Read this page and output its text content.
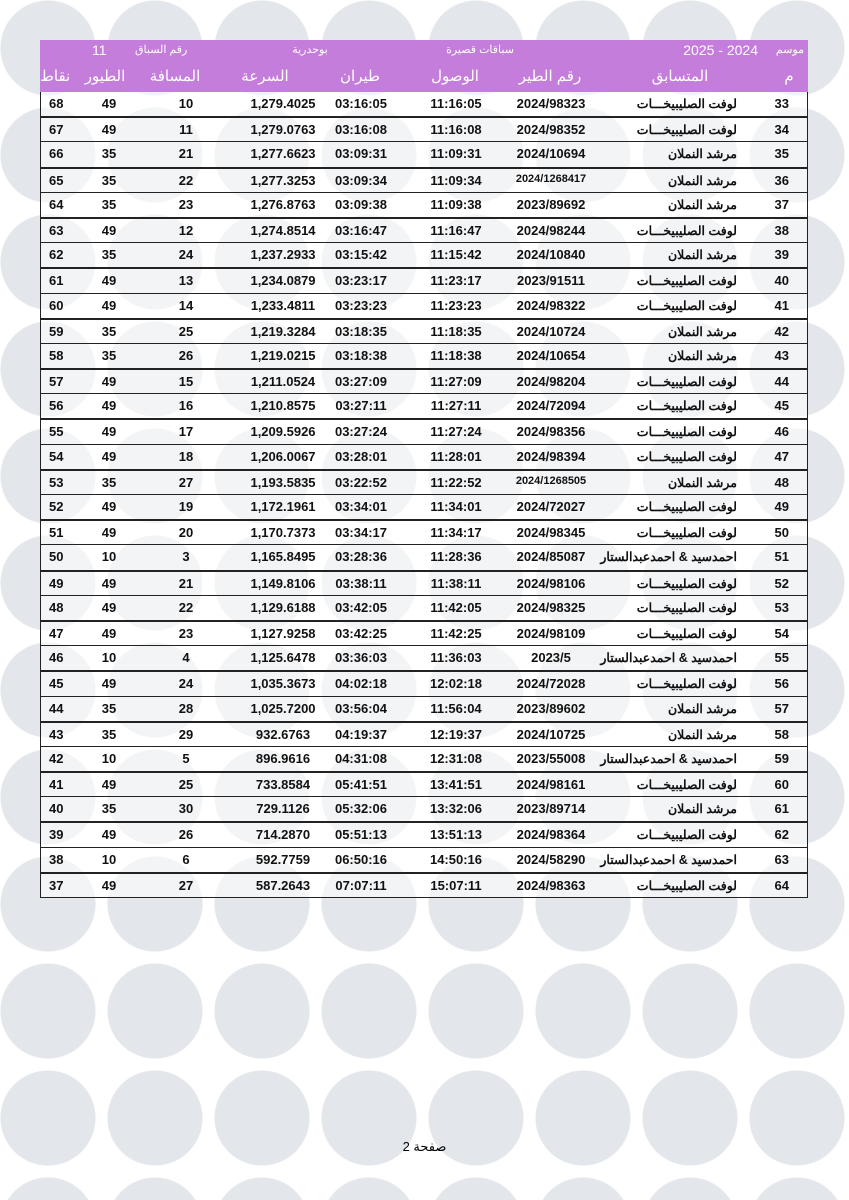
موسم
2025 - 2024
سباقات قصيرة
بوحدرية
رقم السباق
11
م
المتسابق
رقم الطير
الوصول
طيران
السرعة
المسافة
الطيور
نقاط
33
لوفت الصليبيخـــات
2024/98323
11:16:05
03:16:05
1,279.4025
10
49
68
34
لوفت الصليبيخـــات
2024/98352
11:16:08
03:16:08
1,279.0763
11
49
67
35
مرشد النملان
2024/10694
11:09:31
03:09:31
1,277.6623
21
35
66
36
مرشد النملان
2024/1268417
11:09:34
03:09:34
1,277.3253
22
35
65
37
مرشد النملان
2023/89692
11:09:38
03:09:38
1,276.8763
23
35
64
38
لوفت الصليبيخـــات
2024/98244
11:16:47
03:16:47
1,274.8514
12
49
63
39
مرشد النملان
2024/10840
11:15:42
03:15:42
1,237.2933
24
35
62
40
لوفت الصليبيخـــات
2023/91511
11:23:17
03:23:17
1,234.0879
13
49
61
41
لوفت الصليبيخـــات
2024/98322
11:23:23
03:23:23
1,233.4811
14
49
60
42
مرشد النملان
2024/10724
11:18:35
03:18:35
1,219.3284
25
35
59
43
مرشد النملان
2024/10654
11:18:38
03:18:38
1,219.0215
26
35
58
44
لوفت الصليبيخـــات
2024/98204
11:27:09
03:27:09
1,211.0524
15
49
57
45
لوفت الصليبيخـــات
2024/72094
11:27:11
03:27:11
1,210.8575
16
49
56
46
لوفت الصليبيخـــات
2024/98356
11:27:24
03:27:24
1,209.5926
17
49
55
47
لوفت الصليبيخـــات
2024/98394
11:28:01
03:28:01
1,206.0067
18
49
54
48
مرشد النملان
2024/1268505
11:22:52
03:22:52
1,193.5835
27
35
53
49
لوفت الصليبيخـــات
2024/72027
11:34:01
03:34:01
1,172.1961
19
49
52
50
لوفت الصليبيخـــات
2024/98345
11:34:17
03:34:17
1,170.7373
20
49
51
51
احمدسيد & احمدعبدالستار
2024/85087
11:28:36
03:28:36
1,165.8495
3
10
50
52
لوفت الصليبيخـــات
2024/98106
11:38:11
03:38:11
1,149.8106
21
49
49
53
لوفت الصليبيخـــات
2024/98325
11:42:05
03:42:05
1,129.6188
22
49
48
54
لوفت الصليبيخـــات
2024/98109
11:42:25
03:42:25
1,127.9258
23
49
47
55
احمدسيد & احمدعبدالستار
2023/5
11:36:03
03:36:03
1,125.6478
4
10
46
56
لوفت الصليبيخـــات
2024/72028
12:02:18
04:02:18
1,035.3673
24
49
45
57
مرشد النملان
2023/89602
11:56:04
03:56:04
1,025.7200
28
35
44
58
مرشد النملان
2024/10725
12:19:37
04:19:37
932.6763
29
35
43
59
احمدسيد & احمدعبدالستار
2023/55008
12:31:08
04:31:08
896.9616
5
10
42
60
لوفت الصليبيخـــات
2024/98161
13:41:51
05:41:51
733.8584
25
49
41
61
مرشد النملان
2023/89714
13:32:06
05:32:06
729.1126
30
35
40
62
لوفت الصليبيخـــات
2024/98364
13:51:13
05:51:13
714.2870
26
49
39
63
احمدسيد & احمدعبدالستار
2024/58290
14:50:16
06:50:16
592.7759
6
10
38
64
لوفت الصليبيخـــات
2024/98363
15:07:11
07:07:11
587.2643
27
49
37
صفحة 2
